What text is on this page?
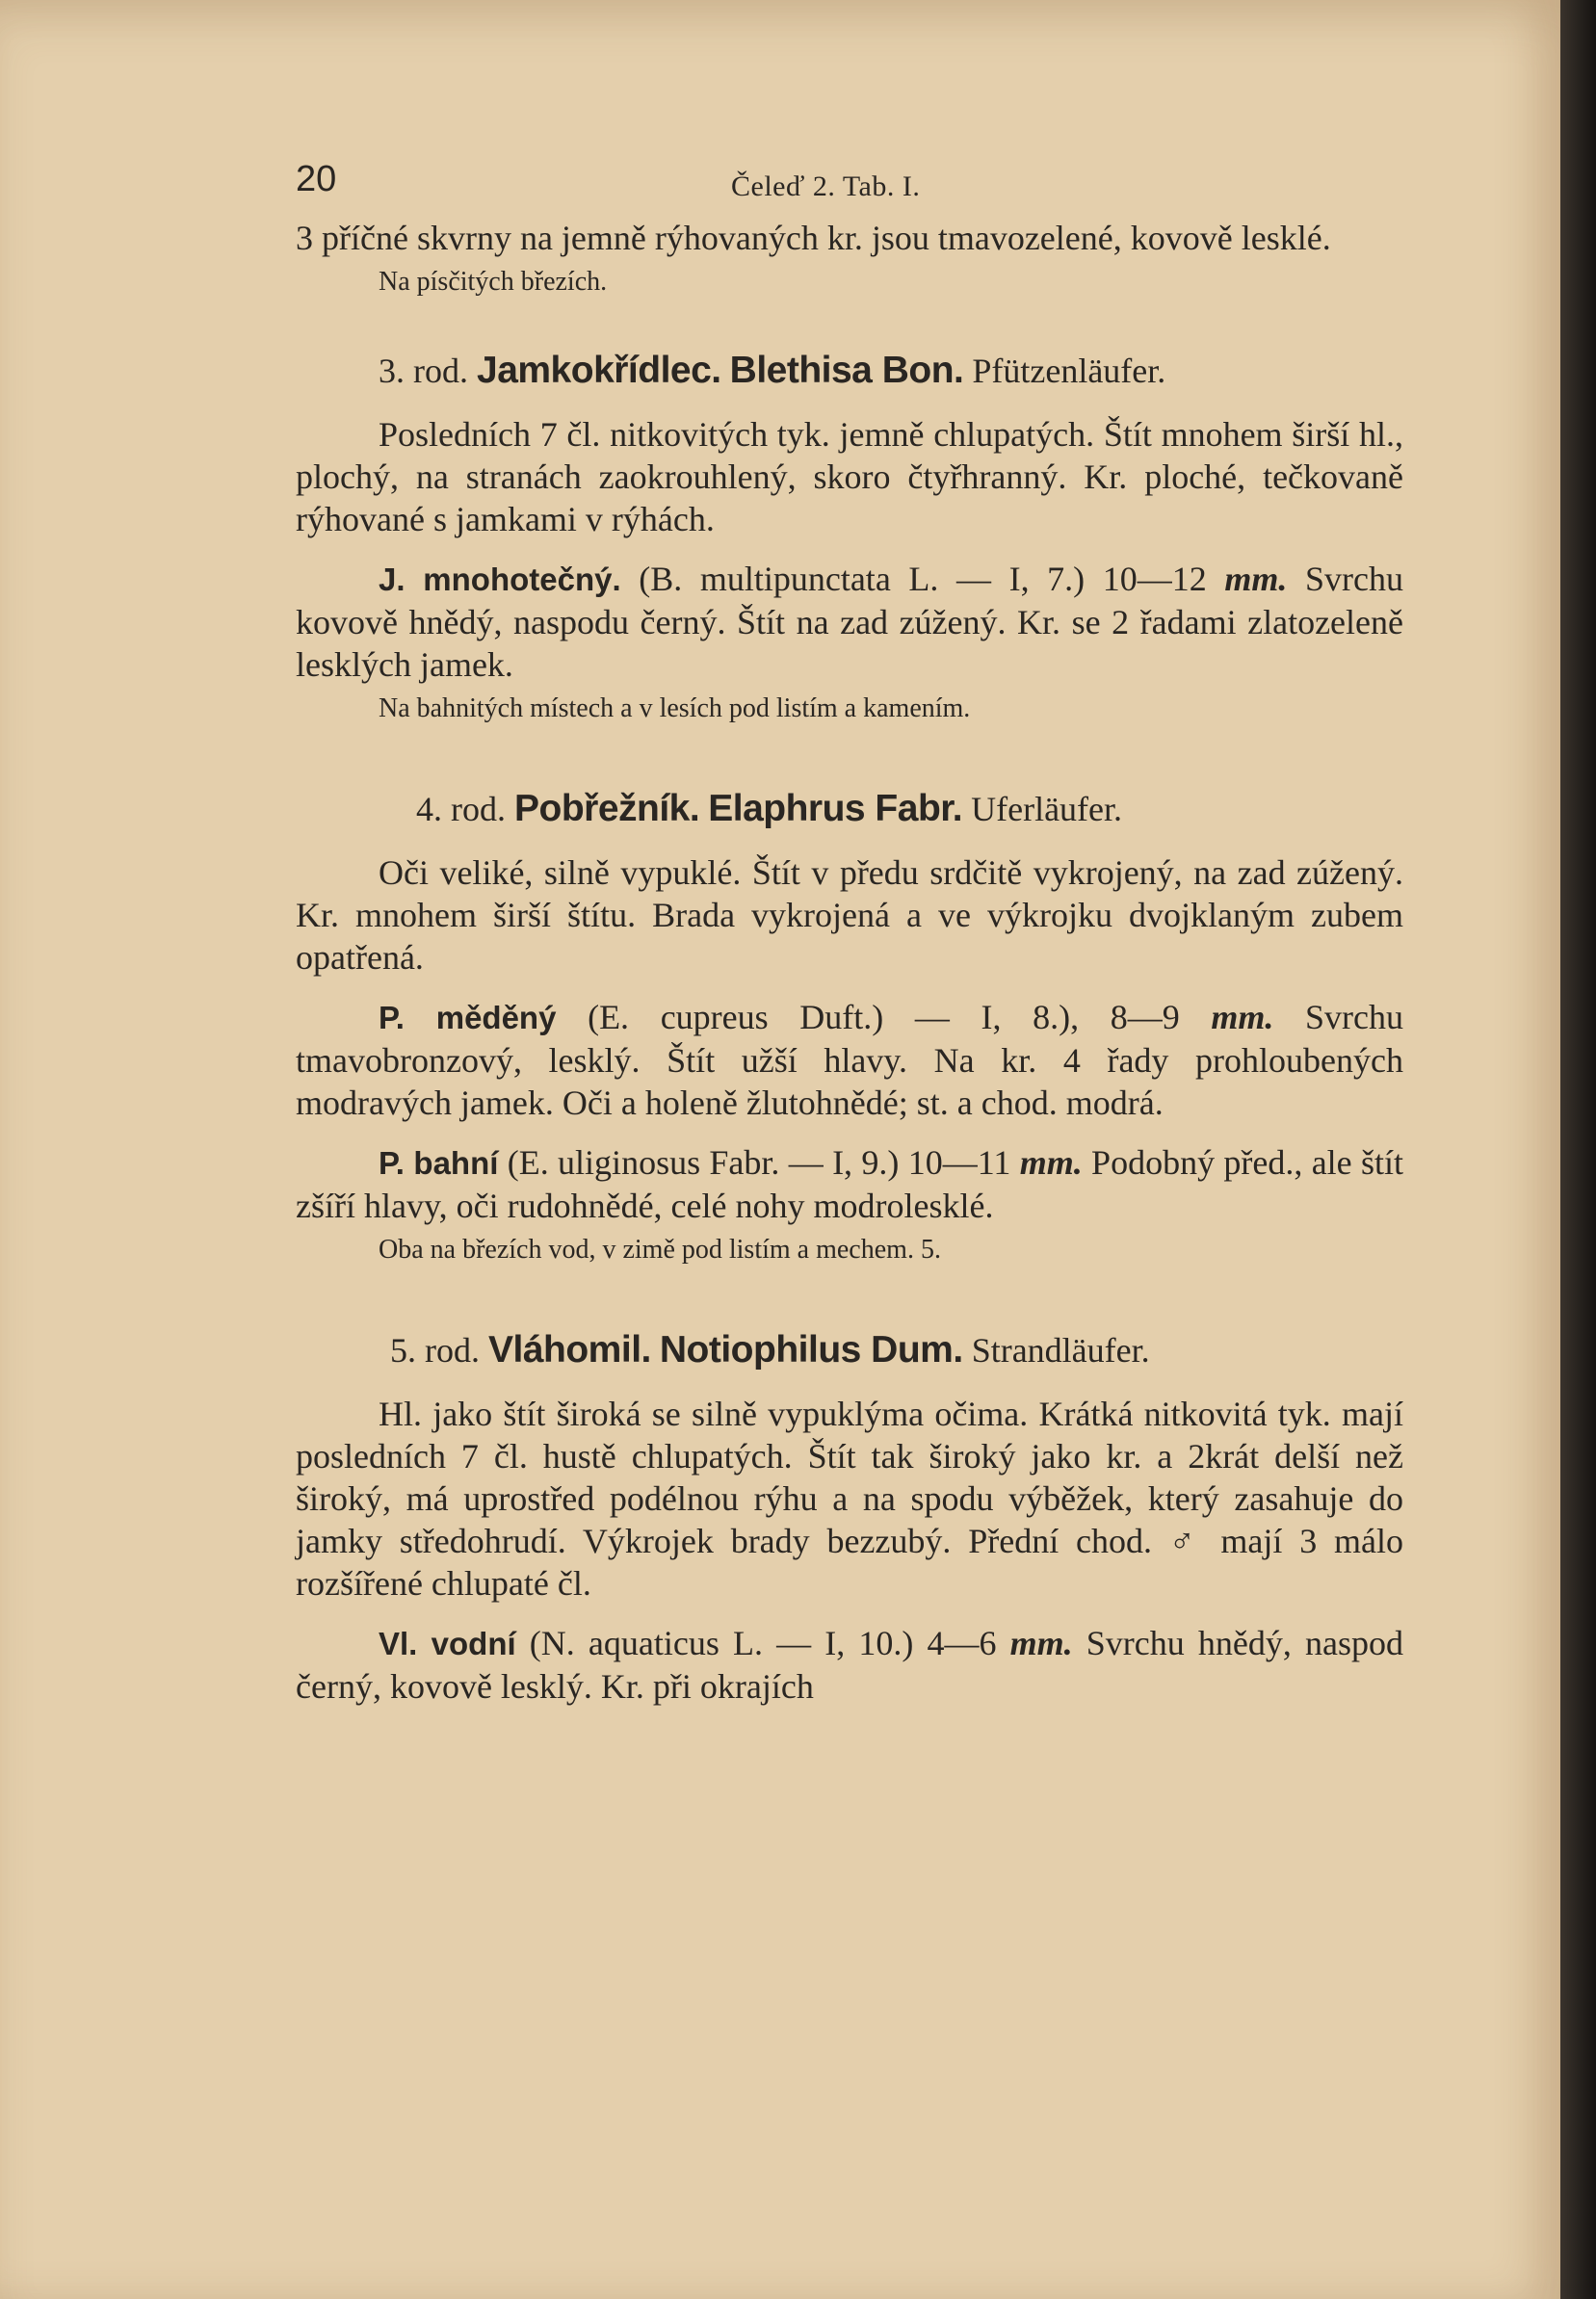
20	Čeleď 2. Tab. I.

3 příčné skvrny na jemně rýhovaných kr. jsou tmavozelené, kovově lesklé.

Na písčitých březích.

3. rod. Jamkokřídlec. Blethisa Bon. Pfützenläufer.

Posledních 7 čl. nitkovitých tyk. jemně chlupatých. Štít mnohem širší hl., plochý, na stranách zaokrouhlený, skoro čtyřhranný. Kr. ploché, tečkovaně rýhované s jamkami v rýhách.

J. mnohotečný. (B. multipunctata L. — I, 7.) 10—12 mm. Svrchu kovově hnědý, naspodu černý. Štít na zad zúžený. Kr. se 2 řadami zlatozeleně lesklých jamek.

Na bahnitých místech a v lesích pod listím a kamením.

4. rod. Pobřežník. Elaphrus Fabr. Uferläufer.

Oči veliké, silně vypuklé. Štít v předu srdčitě vykrojený, na zad zúžený. Kr. mnohem širší štítu. Brada vykrojená a ve výkrojku dvojklaným zubem opatřená.

P. měděný (E. cupreus Duft.) — I, 8.), 8—9 mm. Svrchu tmavobronzový, lesklý. Štít užší hlavy. Na kr. 4 řady prohloubených modravých jamek. Oči a holeně žlutohnědé; st. a chod. modrá.

P. bahní (E. uliginosus Fabr. — I, 9.) 10—11 mm. Podobný před., ale štít zšíří hlavy, oči rudohnědé, celé nohy modrolesklé.

Oba na březích vod, v zimě pod listím a mechem. 5.

5. rod. Vláhomil. Notiophilus Dum. Strandläufer.

Hl. jako štít široká se silně vypuklýma očima. Krátká nitkovitá tyk. mají posledních 7 čl. hustě chlupatých. Štít tak široký jako kr. a 2krát delší než široký, má uprostřed podélnou rýhu a na spodu výběžek, který zasahuje do jamky středohrudí. Výkrojek brady bezzubý. Přední chod. ♂ mají 3 málo rozšířené chlupaté čl.

Vl. vodní (N. aquaticus L. — I, 10.) 4—6 mm. Svrchu hnědý, naspod černý, kovově lesklý. Kr. při okrajích
